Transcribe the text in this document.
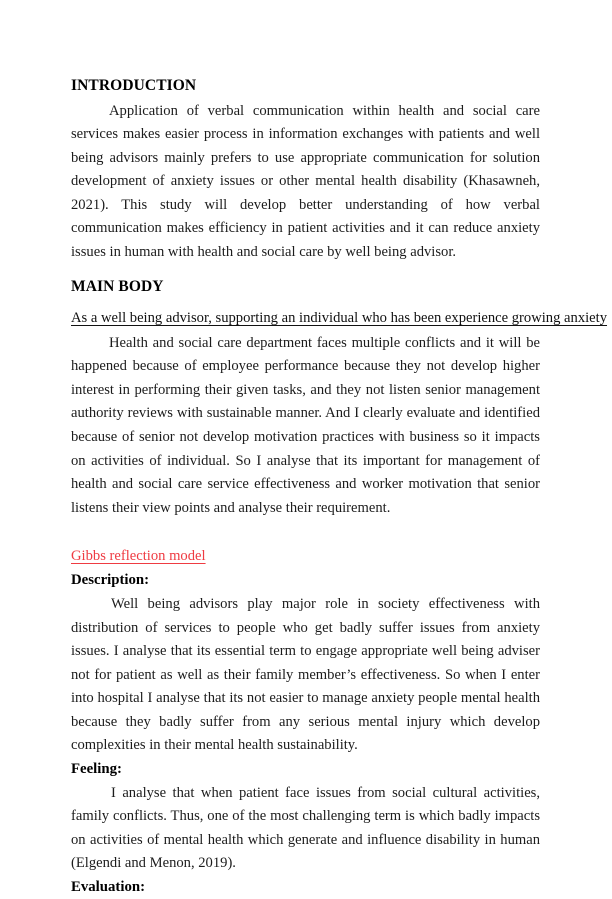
INTRODUCTION

Application of verbal communication within health and social care services makes easier process in information exchanges with patients and well being advisors mainly prefers to use appropriate communication for solution development of anxiety issues or other mental health disability (Khasawneh, 2021). This study will develop better understanding of how verbal communication makes efficiency in patient activities and it can reduce anxiety issues in human with health and social care by well being advisor.

MAIN BODY
As a well being advisor, supporting an individual who has been experience growing anxiety

Health and social care department faces multiple conflicts and it will be happened because of employee performance because they not develop higher interest in performing their given tasks, and they not listen senior management authority reviews with sustainable manner. And I clearly evaluate and identified because of senior not develop motivation practices with business so it impacts on activities of individual. So I analyse that its important for management of health and social care service effectiveness and worker motivation that senior listens their view points and analyse their requirement.

Gibbs reflection model
Description:

Well being advisors play major role in society effectiveness with distribution of services to people who get badly suffer issues from anxiety issues. I analyse that its essential term to engage appropriate well being adviser not for patient as well as their family member’s effectiveness. So when I enter into hospital I analyse that its not easier to manage anxiety people mental health because they badly suffer from any serious mental injury which develop complexities in their mental health sustainability.

Feeling:

I analyse that when patient face issues from social cultural activities, family conflicts. Thus, one of the most challenging term is which badly impacts on activities of mental health which generate and influence disability in human (Elgendi and Menon, 2019).

Evaluation:
